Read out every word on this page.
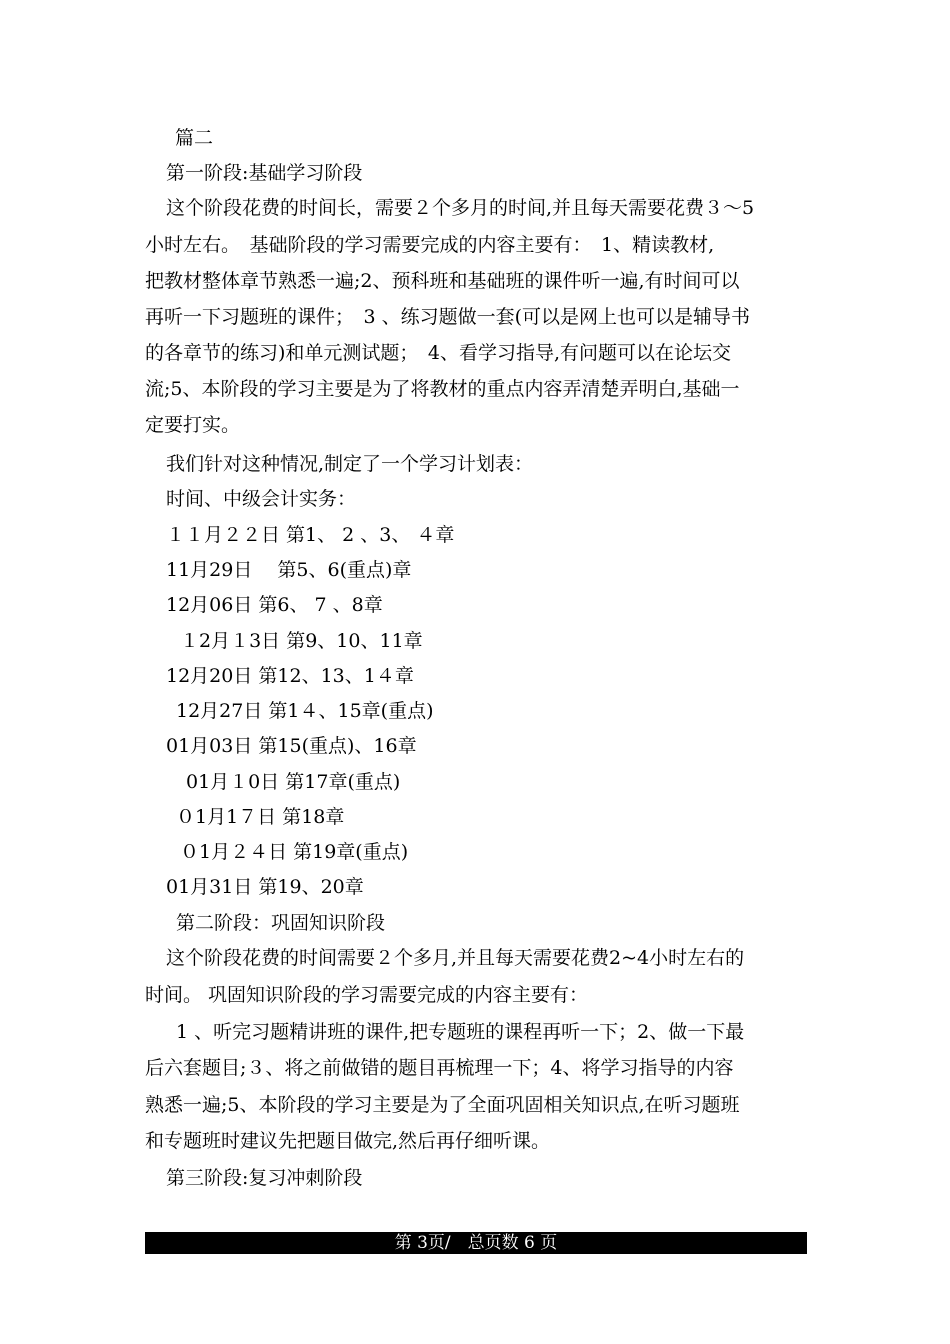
篇二
第一阶段:基础学习阶段
这个阶段花费的时间长，需要２个多月的时间,并且每天需要花费３～5
小时左右。　基础阶段的学习需要完成的内容主要有：　1、精读教材,
把教材整体章节熟悉一遍;2、预科班和基础班的课件听一遍,有时间可以
再听一下习题班的课件；　3 、练习题做一套(可以是网上也可以是辅导书
的各章节的练习)和单元测试题；　4、看学习指导,有问题可以在论坛交
流;5、本阶段的学习主要是为了将教材的重点内容弄清楚弄明白,基础一
定要打实。
我们针对这种情况,制定了一个学习计划表：
时间、中级会计实务：
１１月２２日 第1、 2 、3、 ４章
11月29日　 第5、6(重点)章
12月06日 第6、 7 、8章
１2月１3日 第9、10、11章
12月20日 第12、13、1４章
12月27日 第1４、15章(重点)
01月03日 第15(重点)、16章
01月１0日 第17章(重点)
０1月1７日 第18章
０1月２４日 第19章(重点)
01月31日 第19、20章
第二阶段：巩固知识阶段
这个阶段花费的时间需要２个多月,并且每天需要花费2~4小时左右的
时间。 巩固知识阶段的学习需要完成的内容主要有：
1 、听完习题精讲班的课件,把专题班的课程再听一下；2、做一下最
后六套题目;３、将之前做错的题目再梳理一下；4、将学习指导的内容
熟悉一遍;5、本阶段的学习主要是为了全面巩固相关知识点,在听习题班
和专题班时建议先把题目做完,然后再仔细听课。
第三阶段:复习冲刺阶段
第 3页/　总页数 6 页
